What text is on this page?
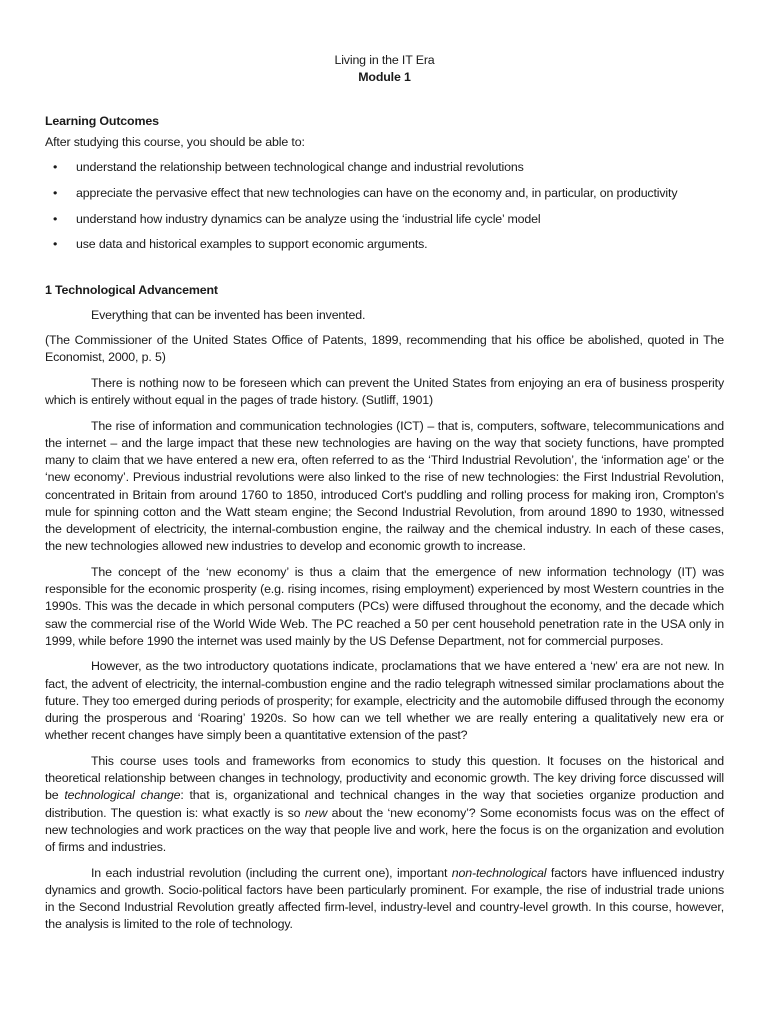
Living in the IT Era

Module 1

Learning Outcomes

After studying this course, you should be able to:

• understand the relationship between technological change and industrial revolutions
• appreciate the pervasive effect that new technologies can have on the economy and, in particular, on productivity
• understand how industry dynamics can be analyze using the ‘industrial life cycle’ model
• use data and historical examples to support economic arguments.

1 Technological Advancement

Everything that can be invented has been invented.

(The Commissioner of the United States Office of Patents, 1899, recommending that his office be abolished, quoted in The Economist, 2000, p. 5)

There is nothing now to be foreseen which can prevent the United States from enjoying an era of business prosperity which is entirely without equal in the pages of trade history. (Sutliff, 1901)

The rise of information and communication technologies (ICT) – that is, computers, software, telecommunications and the internet – and the large impact that these new technologies are having on the way that society functions, have prompted many to claim that we have entered a new era, often referred to as the ‘Third Industrial Revolution’, the ‘information age’ or the ‘new economy’. Previous industrial revolutions were also linked to the rise of new technologies: the First Industrial Revolution, concentrated in Britain from around 1760 to 1850, introduced Cort's puddling and rolling process for making iron, Crompton's mule for spinning cotton and the Watt steam engine; the Second Industrial Revolution, from around 1890 to 1930, witnessed the development of electricity, the internal-combustion engine, the railway and the chemical industry. In each of these cases, the new technologies allowed new industries to develop and economic growth to increase.

The concept of the ‘new economy’ is thus a claim that the emergence of new information technology (IT) was responsible for the economic prosperity (e.g. rising incomes, rising employment) experienced by most Western countries in the 1990s. This was the decade in which personal computers (PCs) were diffused throughout the economy, and the decade which saw the commercial rise of the World Wide Web. The PC reached a 50 per cent household penetration rate in the USA only in 1999, while before 1990 the internet was used mainly by the US Defense Department, not for commercial purposes.

However, as the two introductory quotations indicate, proclamations that we have entered a ‘new’ era are not new. In fact, the advent of electricity, the internal-combustion engine and the radio telegraph witnessed similar proclamations about the future. They too emerged during periods of prosperity; for example, electricity and the automobile diffused through the economy during the prosperous and ‘Roaring’ 1920s. So how can we tell whether we are really entering a qualitatively new era or whether recent changes have simply been a quantitative extension of the past?

This course uses tools and frameworks from economics to study this question. It focuses on the historical and theoretical relationship between changes in technology, productivity and economic growth. The key driving force discussed will be technological change: that is, organizational and technical changes in the way that societies organize production and distribution. The question is: what exactly is so new about the ‘new economy’? Some economists focus was on the effect of new technologies and work practices on the way that people live and work, here the focus is on the organization and evolution of firms and industries.

In each industrial revolution (including the current one), important non-technological factors have influenced industry dynamics and growth. Socio-political factors have been particularly prominent. For example, the rise of industrial trade unions in the Second Industrial Revolution greatly affected firm-level, industry-level and country-level growth. In this course, however, the analysis is limited to the role of technology.
